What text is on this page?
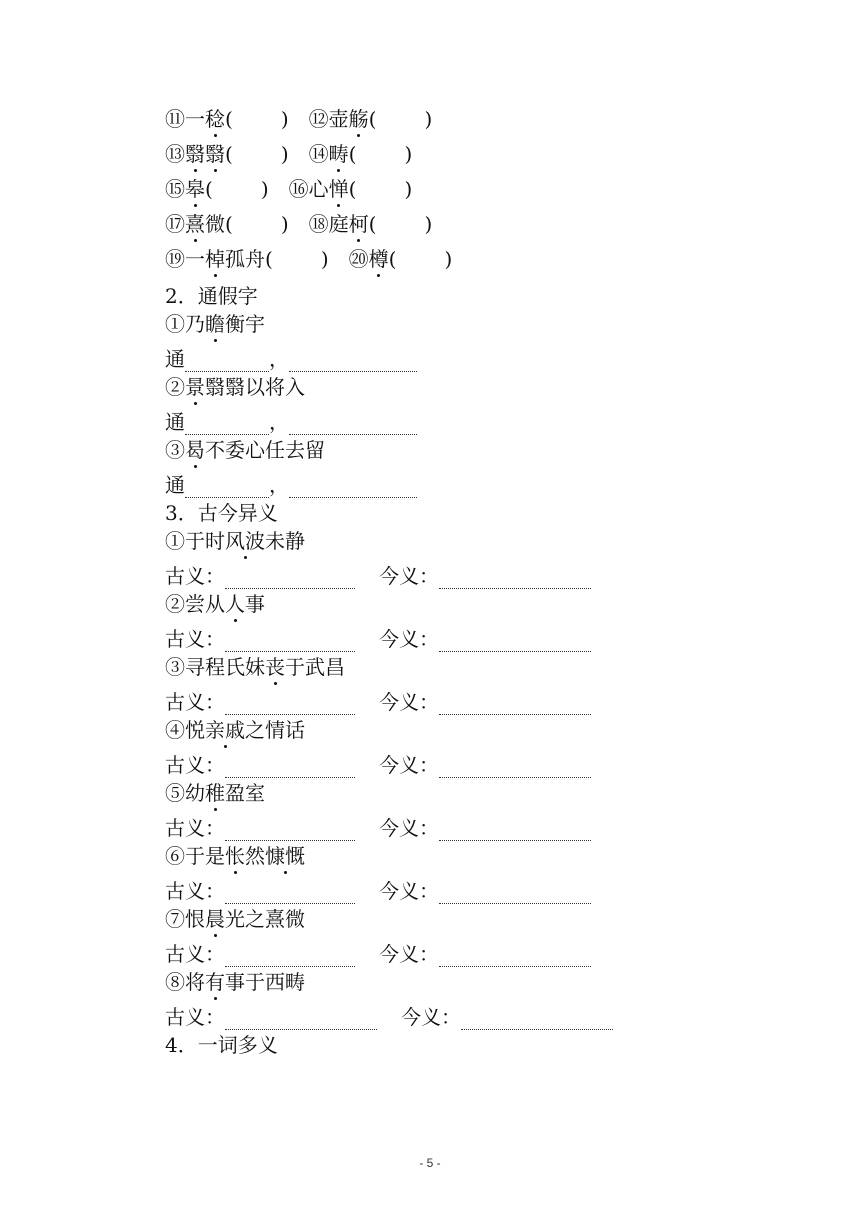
⑪一稔( ) ⑫壶觞( )
⑬翳翳( ) ⑭畴( )
⑮皋( ) ⑯心惮( )
⑰熹微( ) ⑱庭柯( )
⑲一棹孤舟( ) ⑳樽( )
2．通假字
①乃瞻衡宇
通	，
②景翳翳以将入
通	，
③曷不委心任去留
通	，
3．古今异义
①于时风波未静
古义：	今义：
②尝从人事
古义：	今义：
③寻程氏妹丧于武昌
古义：	今义：
④悦亲戚之情话
古义：	今义：
⑤幼稚盈室
古义：	今义：
⑥于是怅然慷慨
古义：	今义：
⑦恨晨光之熹微
古义：	今义：
⑧将有事于西畴
古义：	今义：
4．一词多义
- 5 -
